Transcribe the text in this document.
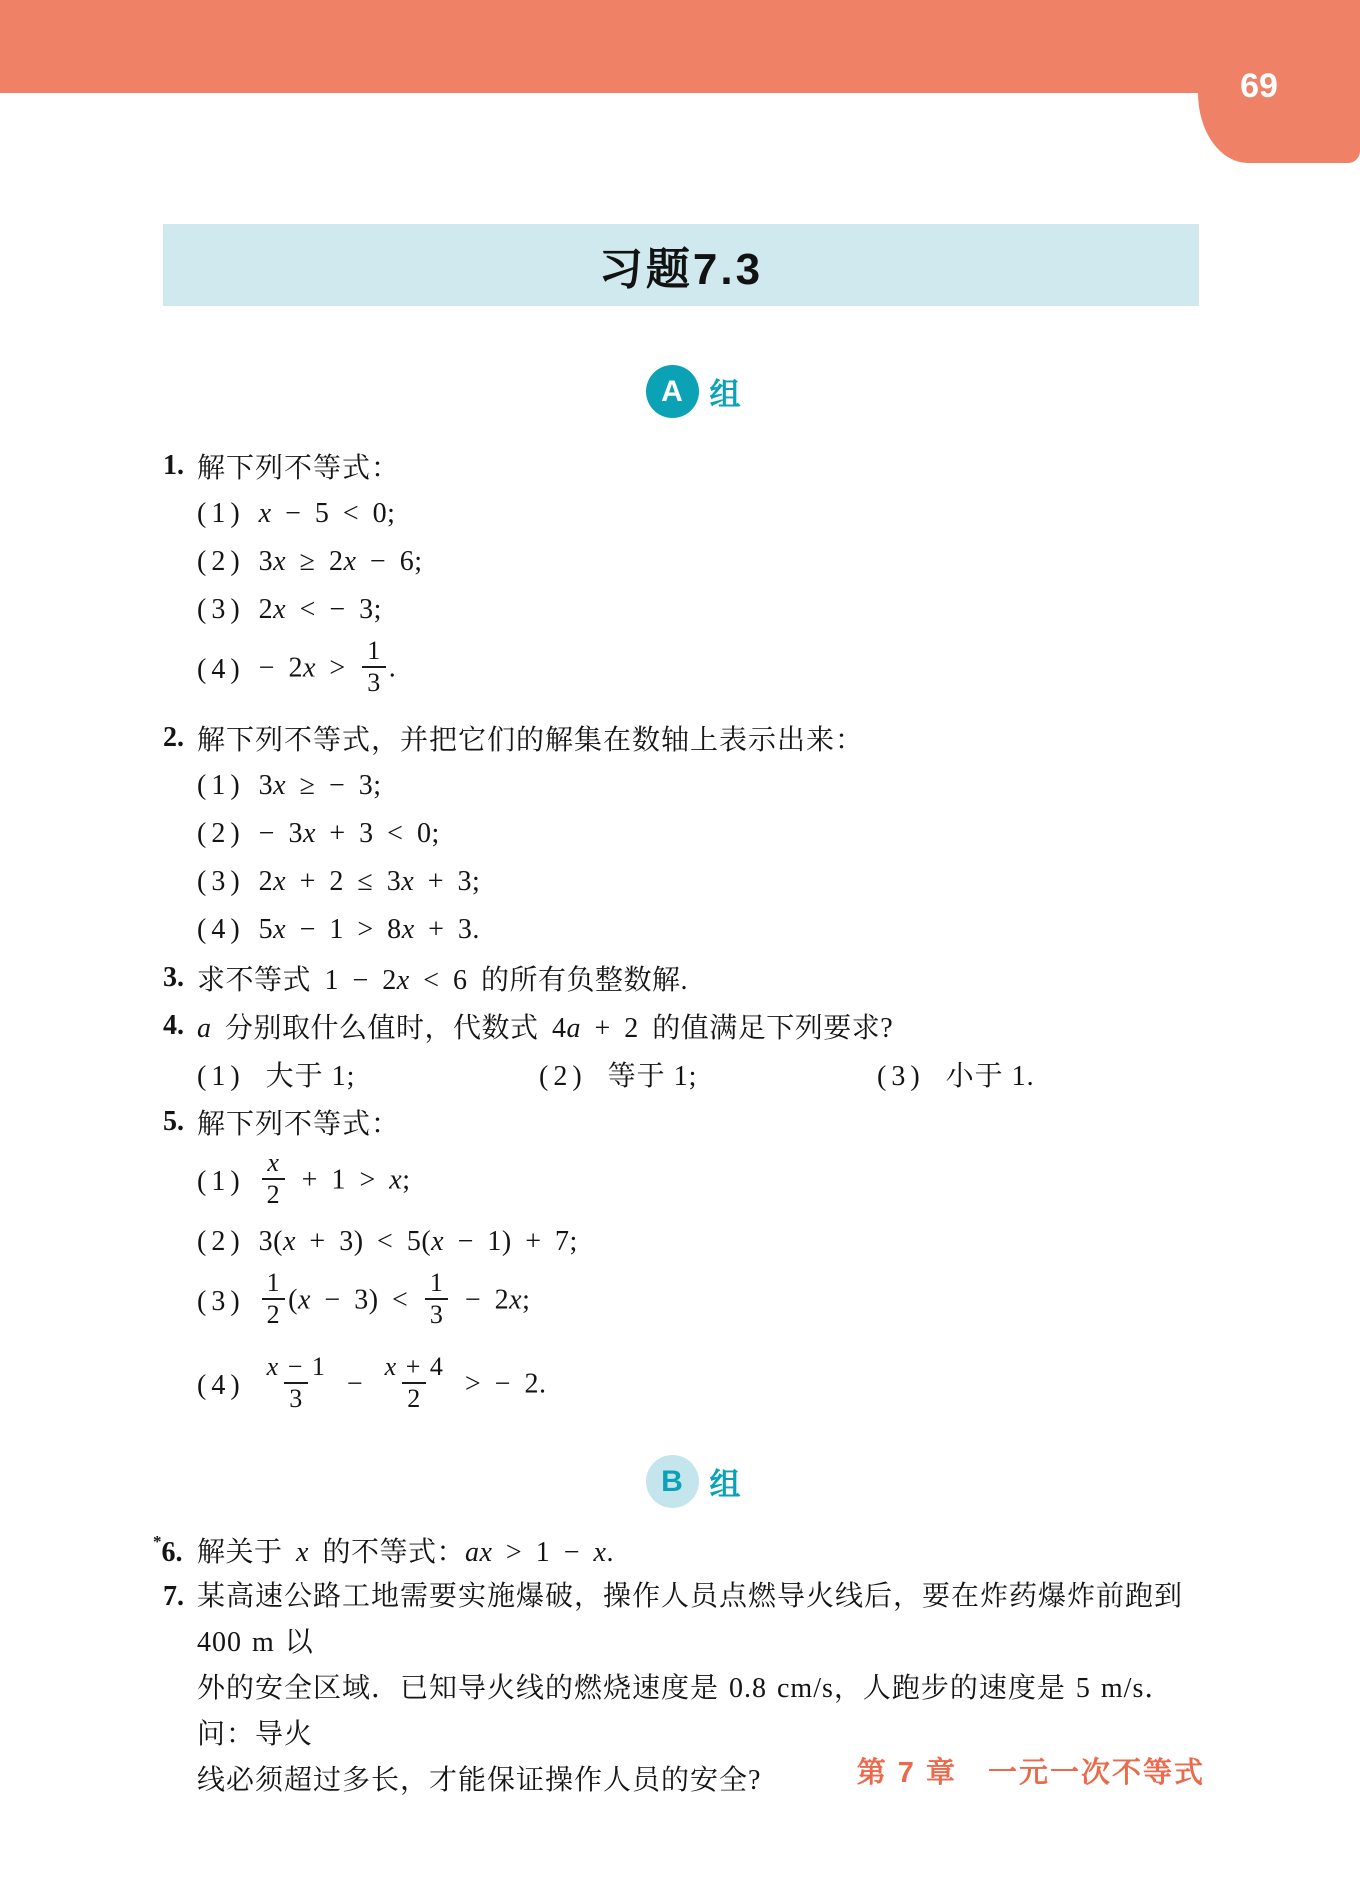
69
习题7.3
A 组
1. 解下列不等式：
(1) x − 5 < 0;
(2) 3x ≥ 2x − 6;
(3) 2x < − 3;
$(4) - 2x > \frac{1}{3}$ .
2. 解下列不等式，并把它们的解集在数轴上表示出来：
(1) 3x ≥ − 3;
(2) − 3x + 3 < 0;
(3) 2x + 2 ≤ 3x + 3;
(4) 5x − 1 > 8x + 3.
3. 求不等式 1 − 2x < 6 的所有负整数解.
4. a 分别取什么值时，代数式 4a + 2 的值满足下列要求?
(1) 大于 1;	(2) 等于 1;	(3) 小于 1.
5. 解下列不等式：
$(1) \frac{x}{2} + 1 > x$;
(2) 3(x + 3) < 5(x − 1) + 7;
$(3) \frac{1}{2} (x - 3) < \frac{1}{3} - 2x$;
$(4) \frac{x - 1}{3} - \frac{x + 4}{2}$ > − 2.
B 组
*6. 解关于 x 的不等式：ax > 1 − x.
7. 某高速公路工地需要实施爆破，操作人员点燃导火线后，要在炸药爆炸前跑到 400 m 以
外的安全区域．已知导火线的燃烧速度是 0.8 cm/s，人跑步的速度是 5 m/s．问：导火
线必须超过多长，才能保证操作人员的安全?	第 7 章　一元一次不等式
